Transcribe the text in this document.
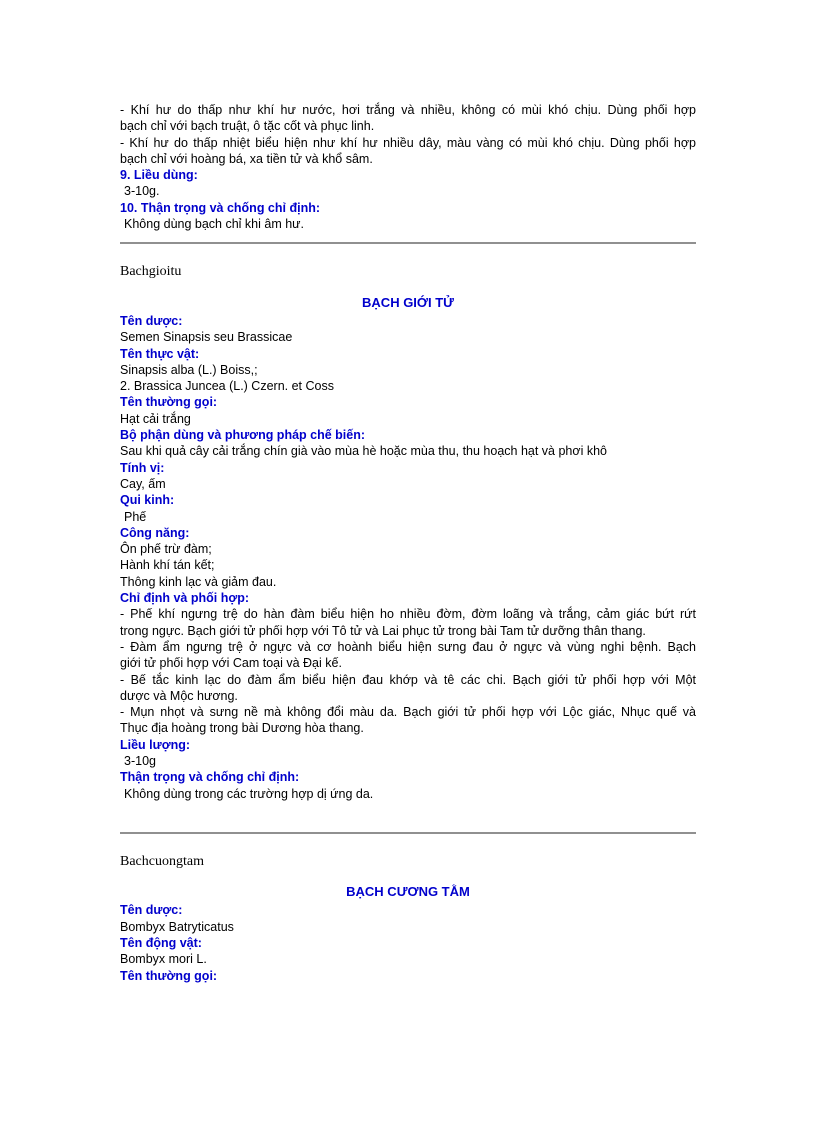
- Khí hư do thấp như khí hư nước, hơi trắng và nhiều, không có mùi khó chịu. Dùng phối hợp
bạch chỉ với bạch truật, ô tặc cốt và phục linh.
- Khí hư do thấp nhiệt biểu hiện như khí hư nhiều dây, màu vàng có mùi khó chịu. Dùng phối hợp
bạch chỉ với hoàng bá, xa tiền tử và khổ sâm.
9. Liều dùng:
3-10g.
10. Thận trọng và chống chỉ định:
Không dùng bạch chỉ khi âm hư.
Bachgioitu
BẠCH GIỚI TỬ
Tên dược:
Semen Sinapsis seu Brassicae
Tên thực vật:
Sinapsis alba (L.) Boiss,;
2. Brassica Juncea (L.) Czern. et Coss
Tên thường gọi:
Hạt cải trắng
Bộ phận dùng và phương pháp chế biến:
Sau khi quả cây cải trắng chín già vào mùa hè hoặc mùa thu, thu hoạch hạt và phơi khô
Tính vị:
Cay, ấm
Qui kinh:
Phế
Công năng:
Ôn phế trừ đàm;
Hành khí tán kết;
Thông kinh lạc và giảm đau.
Chỉ định và phối hợp:
- Phế khí ngưng trệ do hàn đàm biểu hiện ho nhiều đờm, đờm loãng và trắng, cảm giác bứt rứt
trong ngực. Bạch giới tử phối hợp với Tô tử và Lai phục tử trong bài Tam tử dưỡng thân thang.
- Đàm ẩm ngưng trệ ở ngực và cơ hoành biểu hiện sưng đau ở ngực và vùng nghi bệnh. Bạch
giới tử phối hợp với Cam toại và Đại kế.
- Bế tắc kinh lạc do đàm ẩm biểu hiện đau khớp và tê các chi. Bạch giới tử phối hợp với Một
dược và Mộc hương.
- Mụn nhọt và sưng nề mà không đổi màu da. Bạch giới tử phối hợp với Lộc giác, Nhục quế và
Thục địa hoàng trong bài Dương hòa thang.
Liều lượng:
3-10g
Thận trọng và chống chỉ định:
Không dùng trong các trường hợp dị ứng da.
Bachcuongtam
BẠCH CƯƠNG TẰM
Tên dược:
Bombyx Batryticatus
Tên động vật:
Bombyx mori L.
Tên thường gọi:
